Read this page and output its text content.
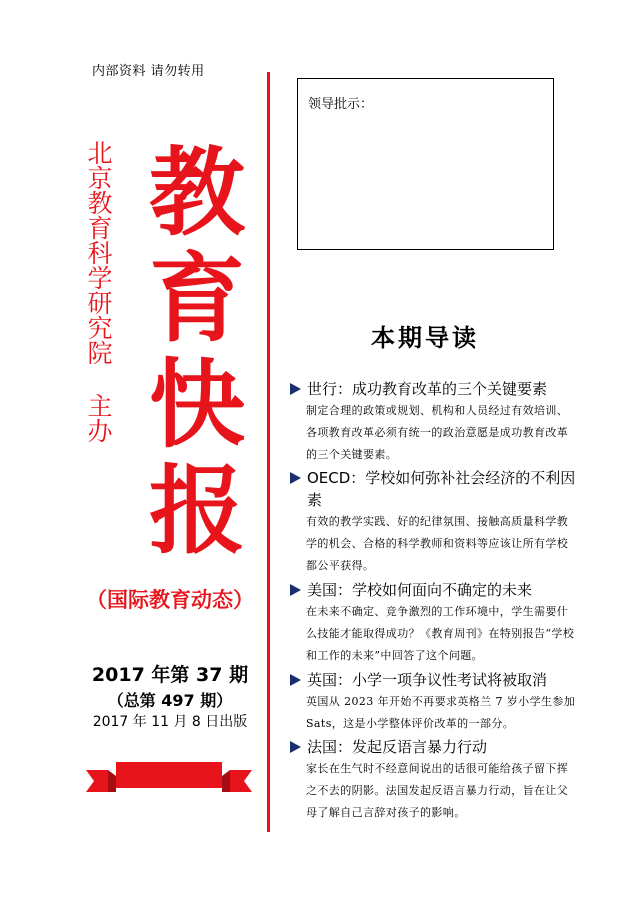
内部资料 请勿转用
北京教育科学研究院主办
教
育
快
报
（国际教育动态）
2017 年第 37 期
（总第 497 期）
2017 年 11 月 8 日出版
领导批示：
本期导读
世行：成功教育改革的三个关键要素
制定合理的政策或规划、机构和人员经过有效培训、各项教育改革必须有统一的政治意愿是成功教育改革的三个关键要素。
OECD：学校如何弥补社会经济的不利因素
有效的教学实践、好的纪律氛围、接触高质量科学教学的机会、合格的科学教师和资料等应该让所有学校都公平获得。
美国：学校如何面向不确定的未来
在未来不确定、竞争激烈的工作环境中，学生需要什么技能才能取得成功？《教育周刊》在特别报告“学校和工作的未来”中回答了这个问题。
英国：小学一项争议性考试将被取消
英国从 2023 年开始不再要求英格兰 7 岁小学生参加 Sats，这是小学整体评价改革的一部分。
法国：发起反语言暴力行动
家长在生气时不经意间说出的话很可能给孩子留下挥之不去的阴影。法国发起反语言暴力行动，旨在让父母了解自己言辞对孩子的影响。
